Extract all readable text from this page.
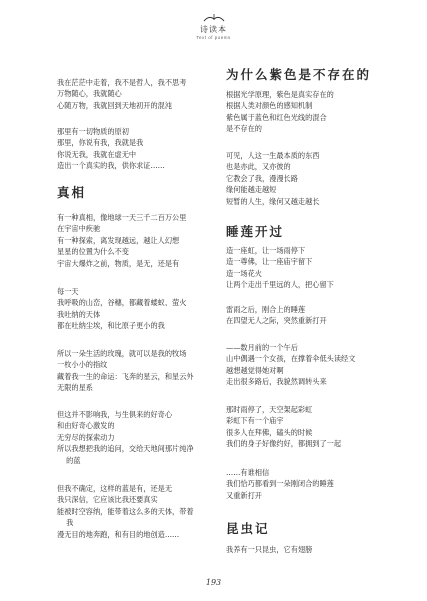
诗读本
Text of poems
我在茫茫中走着，我不是哲人，我不思考
万物随心，我就随心
心随万物，我就回到天地初开的混沌
那里有一切物质的原初
那里，你说有我，我就是我
你说无我，我就在虚无中
造出一个真实的我，供你求证……
真相
有一种真相，像地球一天三千二百万公里
在宇宙中疾驰
有一种探索，离发现越远，越让人幻想
星星的位置为什么不变
宇宙大爆炸之前，物质，是无，还是有
每一天
我呼吸的山峦，谷穗，都藏着蝼蚁、萤火
我吐纳的天体
都在吐纳尘埃，和比原子更小的我
所以一朵生活的玫瑰，就可以是我的牧场
一枚小小的指纹
藏着我一生的命运：飞奔的星云，和星云外
无限的星系
但这并不影响我，与生俱来的好奇心
和由好奇心激发的
无穷尽的探索动力
所以我想把我的追问，交给天地间那片纯净
的蓝
但我不确定，这样的蓝是有，还是无
我只深信，它应该比我还要真实
能被时空容纳，能带着这么多的天体，带着
我
漫无目的地奔跑，和有目的地创造……
为什么紫色是不存在的
根据光学原理，紫色是真实存在的
根据人类对颜色的感知机制
紫色属于蓝色和红色光线的混合
是不存在的
可见，人这一生最本质的东西
也是亦此，又亦彼的
它教会了我，漫漫长路
缘何能越走越短
短暂的人生，缘何又越走越长
睡莲开过
造一座虹，让一场雨停下
造一尊佛，让一座庙宇留下
造一场花火
让两个走出千里远的人，把心留下
雷雨之后，刚合上的睡莲
在四望无人之际，突然重新打开
——数月前的一个午后
山中偶遇一个女孩，在撑着伞低头读经文
越想越觉得她对啊
走出很多路后，我貌然调转头来
那时雨停了，天空架起彩虹
彩虹下有一个庙宇
很多人在拜佛，磕头的时候
我们的身子好像约好，都拥到了一起
……有谁相信
我们恰巧都看到一朵刚闭合的睡莲
又重新打开
昆虫记
我养有一只昆虫，它有翅膀
193
